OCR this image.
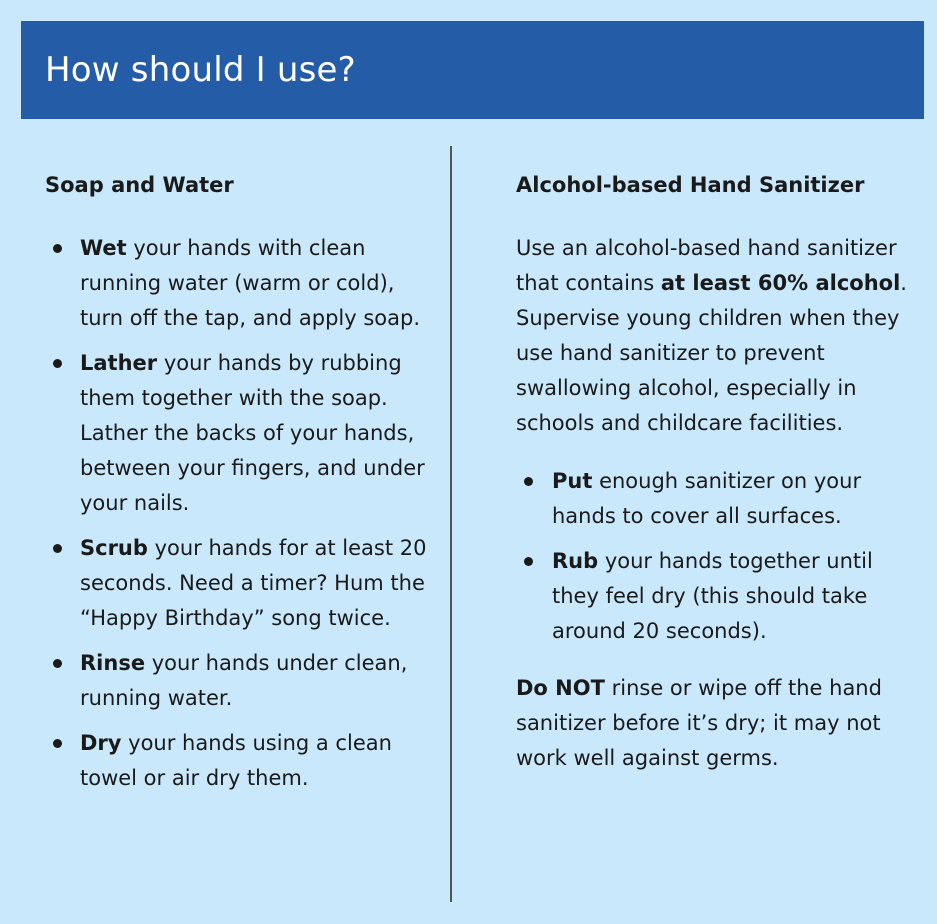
How should I use?
Soap and Water
Wet your hands with clean running water (warm or cold), turn off the tap, and apply soap.
Lather your hands by rubbing them together with the soap. Lather the backs of your hands, between your fingers, and under your nails.
Scrub your hands for at least 20 seconds. Need a timer? Hum the “Happy Birthday” song twice.
Rinse your hands under clean, running water.
Dry your hands using a clean towel or air dry them.
Alcohol-based Hand Sanitizer

Use an alcohol-based hand sanitizer that contains at least 60% alcohol. Supervise young children when they use hand sanitizer to prevent swallowing alcohol, especially in schools and childcare facilities.

Put enough sanitizer on your hands to cover all surfaces.
Rub your hands together until they feel dry (this should take around 20 seconds).

Do NOT rinse or wipe off the hand sanitizer before it’s dry; it may not work well against germs.
